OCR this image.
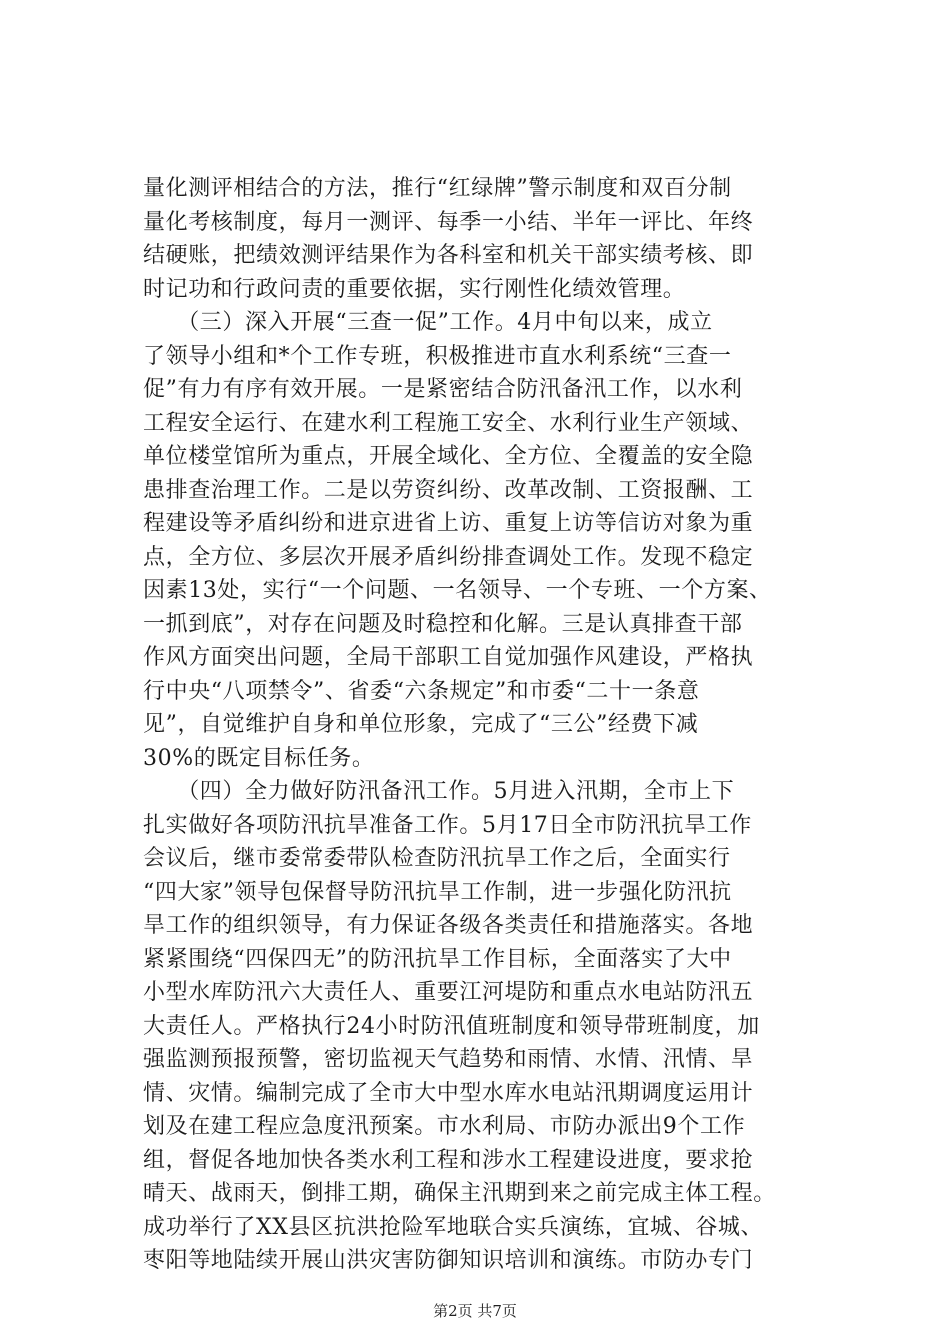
量化测评相结合的方法，推行“红绿牌”警示制度和双百分制
量化考核制度，每月一测评、每季一小结、半年一评比、年终
结硬账，把绩效测评结果作为各科室和机关干部实绩考核、即
时记功和行政问责的重要依据，实行刚性化绩效管理。
　　（三）深入开展“三查一促”工作。4月中旬以来，成立
了领导小组和*个工作专班，积极推进市直水利系统“三查一
促”有力有序有效开展。一是紧密结合防汛备汛工作，以水利
工程安全运行、在建水利工程施工安全、水利行业生产领域、
单位楼堂馆所为重点，开展全域化、全方位、全覆盖的安全隐
患排查治理工作。二是以劳资纠纷、改革改制、工资报酬、工
程建设等矛盾纠纷和进京进省上访、重复上访等信访对象为重
点，全方位、多层次开展矛盾纠纷排查调处工作。发现不稳定
因素13处，实行“一个问题、一名领导、一个专班、一个方案、
一抓到底”，对存在问题及时稳控和化解。三是认真排查干部
作风方面突出问题，全局干部职工自觉加强作风建设，严格执
行中央“八项禁令”、省委“六条规定”和市委“二十一条意
见”，自觉维护自身和单位形象，完成了“三公”经费下减
30%的既定目标任务。
　　（四）全力做好防汛备汛工作。5月进入汛期，全市上下
扎实做好各项防汛抗旱准备工作。5月17日全市防汛抗旱工作
会议后，继市委常委带队检查防汛抗旱工作之后，全面实行
“四大家”领导包保督导防汛抗旱工作制，进一步强化防汛抗
旱工作的组织领导，有力保证各级各类责任和措施落实。各地
紧紧围绕“四保四无”的防汛抗旱工作目标，全面落实了大中
小型水库防汛六大责任人、重要江河堤防和重点水电站防汛五
大责任人。严格执行24小时防汛值班制度和领导带班制度，加
强监测预报预警，密切监视天气趋势和雨情、水情、汛情、旱
情、灾情。编制完成了全市大中型水库水电站汛期调度运用计
划及在建工程应急度汛预案。市水利局、市防办派出9个工作
组，督促各地加快各类水利工程和涉水工程建设进度，要求抢
晴天、战雨天，倒排工期，确保主汛期到来之前完成主体工程。
成功举行了XX县区抗洪抢险军地联合实兵演练，宜城、谷城、
枣阳等地陆续开展山洪灾害防御知识培训和演练。市防办专门
第2页 共7页
